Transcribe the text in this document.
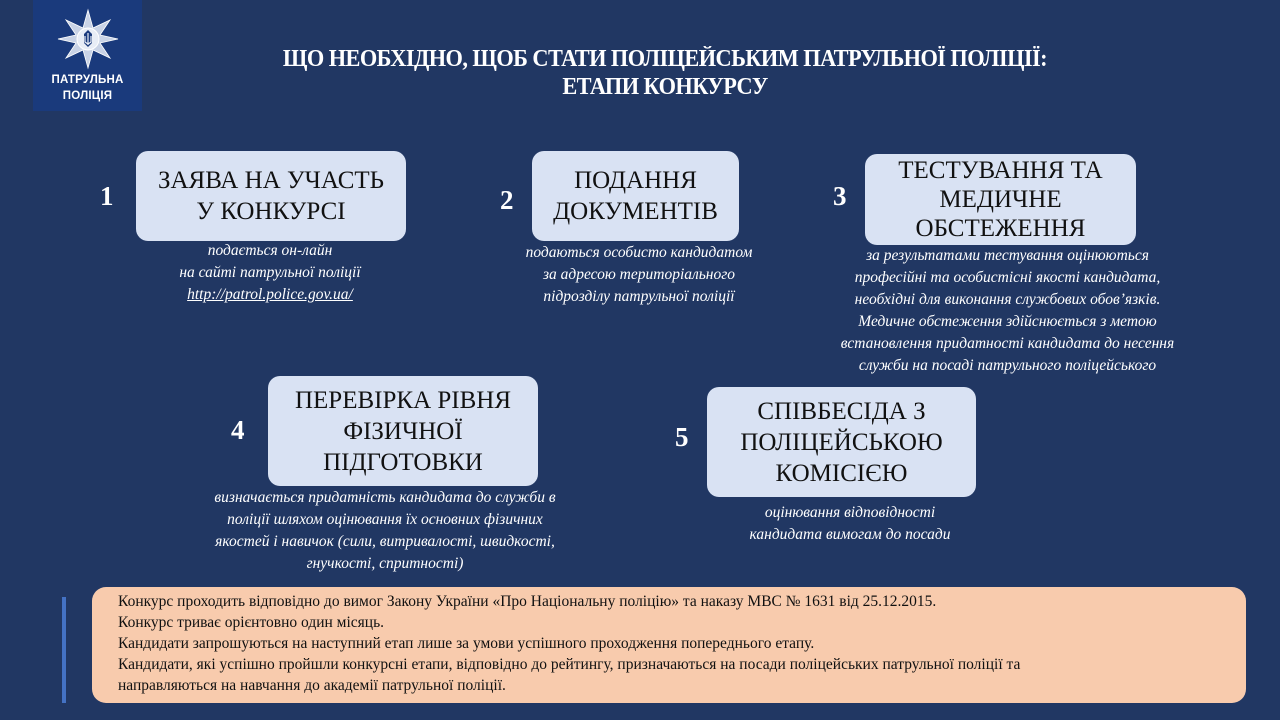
ПАТРУЛЬНА
ПОЛІЦІЯ
ЩО НЕОБХІДНО, ЩОБ СТАТИ ПОЛІЦЕЙСЬКИМ ПАТРУЛЬНОЇ ПОЛІЦІЇ:
ЕТАПИ КОНКУРСУ
1
ЗАЯВА НА УЧАСТЬ
У КОНКУРСІ
подається он-лайн
на сайті патрульної поліції
http://patrol.police.gov.ua/
2
ПОДАННЯ
ДОКУМЕНТІВ
подаються особисто кандидатом
за адресою територіального
підрозділу патрульної поліції
3
ТЕСТУВАННЯ ТА
МЕДИЧНЕ
ОБСТЕЖЕННЯ
за результатами тестування оцінюються
професійні та особистісні якості кандидата,
необхідні для виконання службових обов’язків.
Медичне обстеження здійснюється з метою
встановлення придатності кандидата до несення
служби на посаді патрульного поліцейського
4
ПЕРЕВІРКА РІВНЯ
ФІЗИЧНОЇ
ПІДГОТОВКИ
визначається придатність кандидата до служби в
поліції шляхом оцінювання їх основних фізичних
якостей і навичок (сили, витривалості, швидкості,
гнучкості, спритності)
5
СПІВБЕСІДА З
ПОЛІЦЕЙСЬКОЮ
КОМІСІЄЮ
оцінювання відповідності
кандидата вимогам до посади
Конкурс проходить відповідно до вимог Закону України «Про Національну поліцію» та наказу МВС № 1631 від 25.12.2015.
Конкурс триває орієнтовно один місяць.
Кандидати запрошуються на наступний етап лише за умови успішного проходження попереднього етапу.
Кандидати, які успішно пройшли конкурсні етапи, відповідно до рейтингу, призначаються на посади поліцейських патрульної поліції та
направляються на навчання до академії патрульної поліції.
